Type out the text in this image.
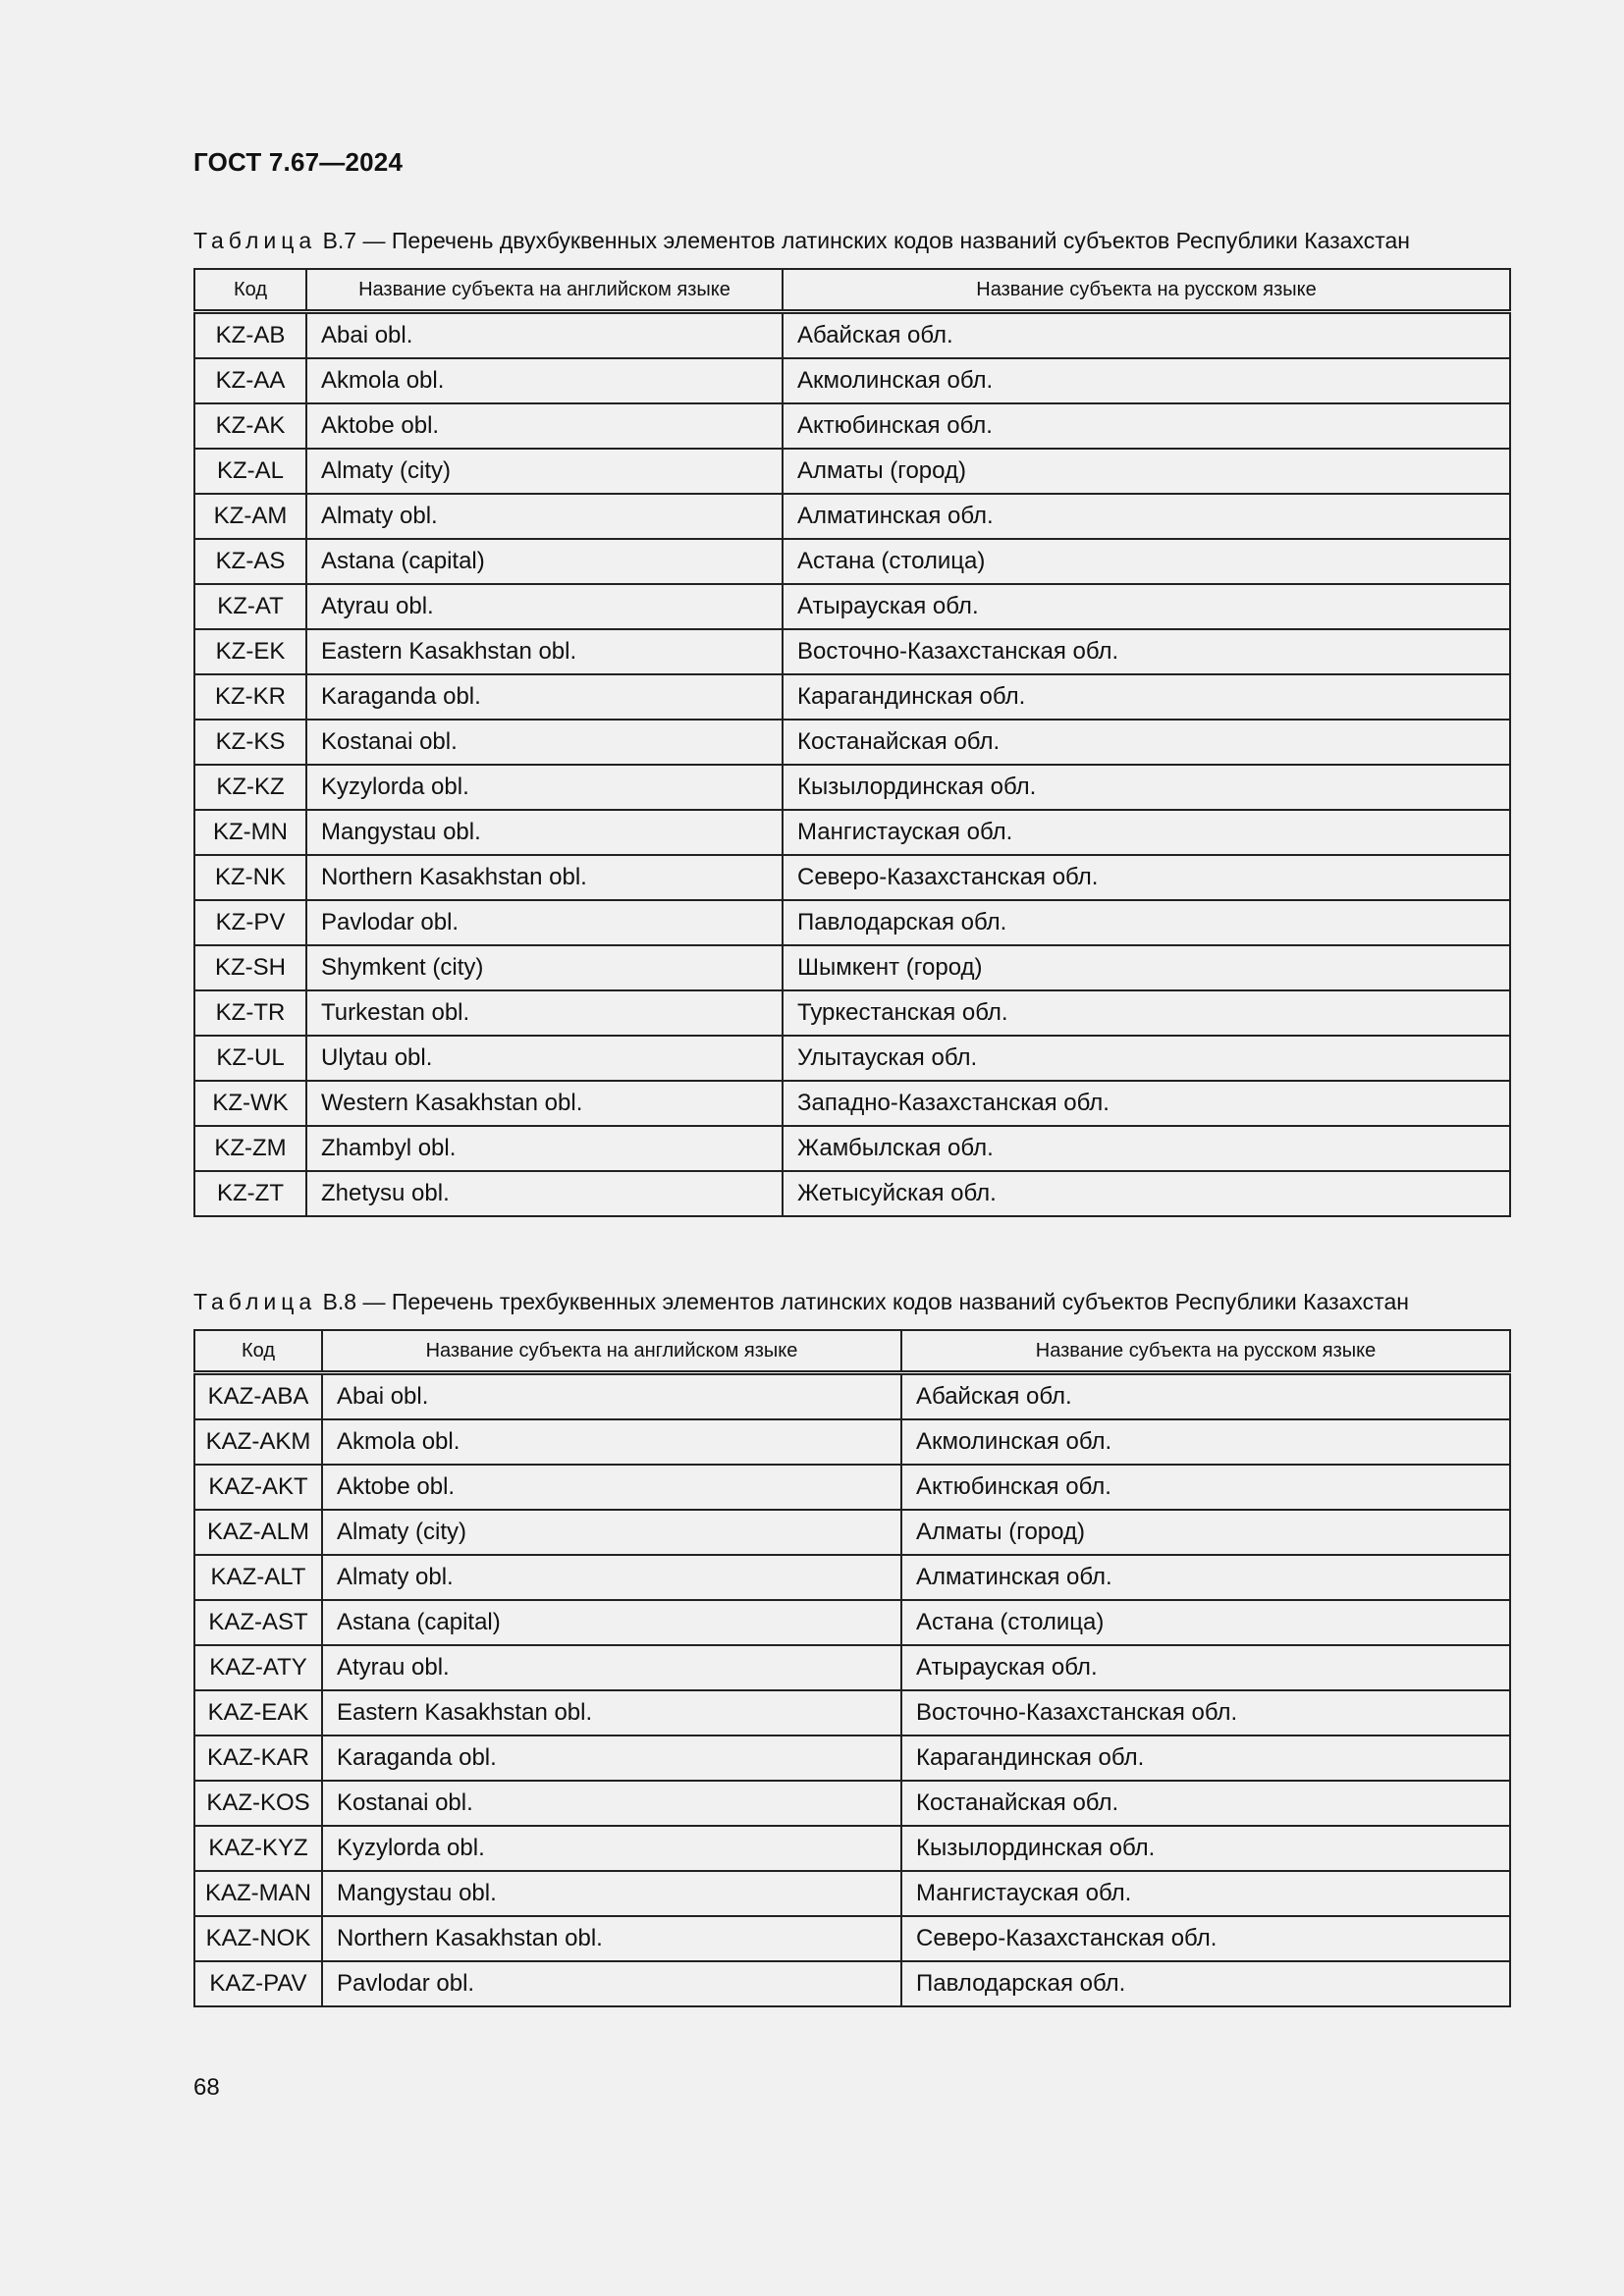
ГОСТ 7.67—2024
Таблица B.7 — Перечень двухбуквенных элементов латинских кодов названий субъектов Республики Казахстан
Код	Название субъекта на английском языке	Название субъекта на русском языке
KZ-AB	Abai obl.	Абайская обл.
KZ-AA	Akmola obl.	Акмолинская обл.
KZ-AK	Aktobe obl.	Актюбинская обл.
KZ-AL	Almaty (city)	Алматы (город)
KZ-AM	Almaty obl.	Алматинская обл.
KZ-AS	Astana (capital)	Астана (столица)
KZ-AT	Atyrau obl.	Атырауская обл.
KZ-EK	Eastern Kasakhstan obl.	Восточно-Казахстанская обл.
KZ-KR	Karaganda obl.	Карагандинская обл.
KZ-KS	Kostanai obl.	Костанайская обл.
KZ-KZ	Kyzylorda obl.	Кызылординская обл.
KZ-MN	Mangystau obl.	Мангистауская обл.
KZ-NK	Northern Kasakhstan obl.	Северо-Казахстанская обл.
KZ-PV	Pavlodar obl.	Павлодарская обл.
KZ-SH	Shymkent (city)	Шымкент (город)
KZ-TR	Turkestan obl.	Туркестанская обл.
KZ-UL	Ulytau obl.	Улытауская обл.
KZ-WK	Western Kasakhstan obl.	Западно-Казахстанская обл.
KZ-ZM	Zhambyl obl.	Жамбылская обл.
KZ-ZT	Zhetysu obl.	Жетысуйская обл.
Таблица B.8 — Перечень трехбуквенных элементов латинских кодов названий субъектов Республики Казахстан
Код	Название субъекта на английском языке	Название субъекта на русском языке
KAZ-ABA	Abai obl.	Абайская обл.
KAZ-AKM	Akmola obl.	Акмолинская обл.
KAZ-AKT	Aktobe obl.	Актюбинская обл.
KAZ-ALM	Almaty (city)	Алматы (город)
KAZ-ALT	Almaty obl.	Алматинская обл.
KAZ-AST	Astana (capital)	Астана (столица)
KAZ-ATY	Atyrau obl.	Атырауская обл.
KAZ-EAK	Eastern Kasakhstan obl.	Восточно-Казахстанская обл.
KAZ-KAR	Karaganda obl.	Карагандинская обл.
KAZ-KOS	Kostanai obl.	Костанайская обл.
KAZ-KYZ	Kyzylorda obl.	Кызылординская обл.
KAZ-MAN	Mangystau obl.	Мангистауская обл.
KAZ-NOK	Northern Kasakhstan obl.	Северо-Казахстанская обл.
KAZ-PAV	Pavlodar obl.	Павлодарская обл.
68
